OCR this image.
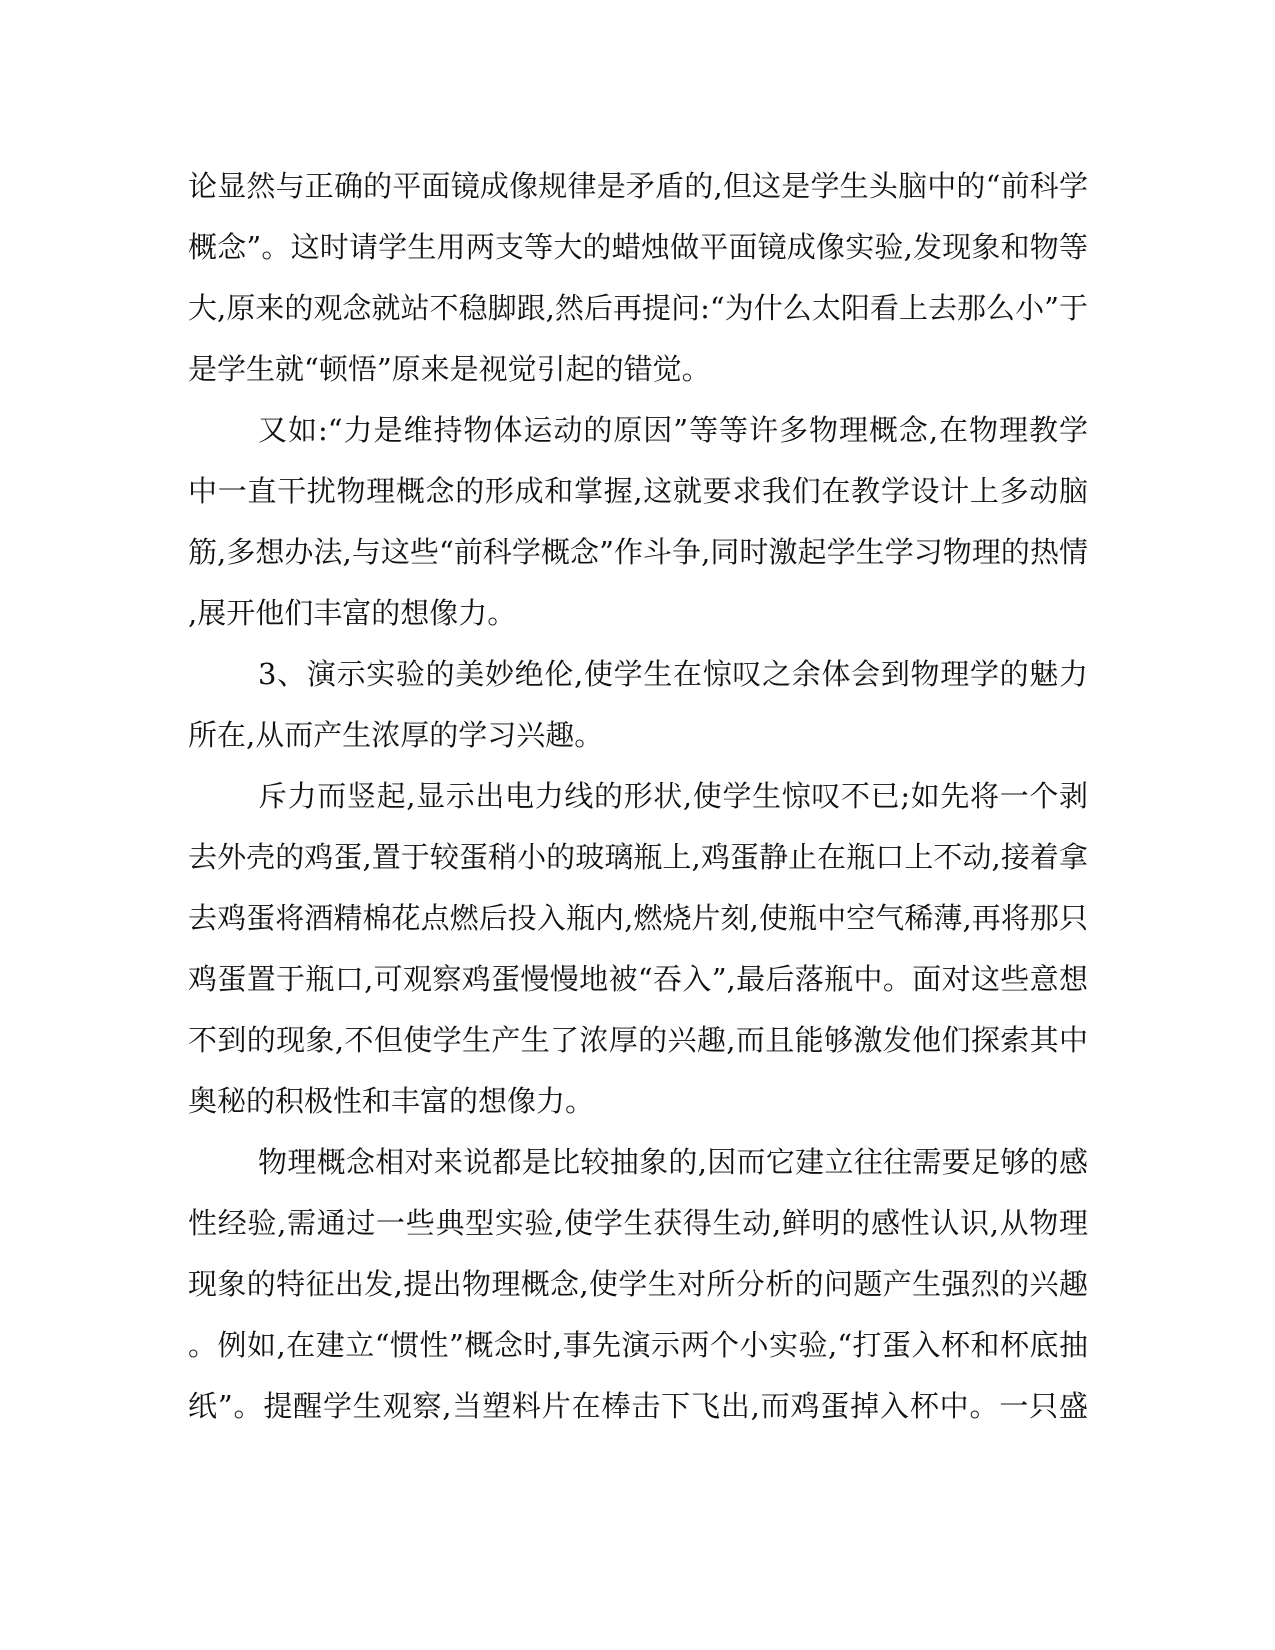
论显然与正确的平面镜成像规律是矛盾的,但这是学生头脑中的“前科学
概念”。这时请学生用两支等大的蜡烛做平面镜成像实验,发现象和物等
大,原来的观念就站不稳脚跟,然后再提问:“为什么太阳看上去那么小”于
是学生就“顿悟”原来是视觉引起的错觉。
又如:“力是维持物体运动的原因”等等许多物理概念,在物理教学
中一直干扰物理概念的形成和掌握,这就要求我们在教学设计上多动脑
筋,多想办法,与这些“前科学概念”作斗争,同时激起学生学习物理的热情
,展开他们丰富的想像力。
3、演示实验的美妙绝伦,使学生在惊叹之余体会到物理学的魅力
所在,从而产生浓厚的学习兴趣。
斥力而竖起,显示出电力线的形状,使学生惊叹不已;如先将一个剥
去外壳的鸡蛋,置于较蛋稍小的玻璃瓶上,鸡蛋静止在瓶口上不动,接着拿
去鸡蛋将酒精棉花点燃后投入瓶内,燃烧片刻,使瓶中空气稀薄,再将那只
鸡蛋置于瓶口,可观察鸡蛋慢慢地被“吞入”,最后落瓶中。面对这些意想
不到的现象,不但使学生产生了浓厚的兴趣,而且能够激发他们探索其中
奥秘的积极性和丰富的想像力。
物理概念相对来说都是比较抽象的,因而它建立往往需要足够的感
性经验,需通过一些典型实验,使学生获得生动,鲜明的感性认识,从物理
现象的特征出发,提出物理概念,使学生对所分析的问题产生强烈的兴趣
。例如,在建立“惯性”概念时,事先演示两个小实验,“打蛋入杯和杯底抽
纸”。提醒学生观察,当塑料片在棒击下飞出,而鸡蛋掉入杯中。一只盛
